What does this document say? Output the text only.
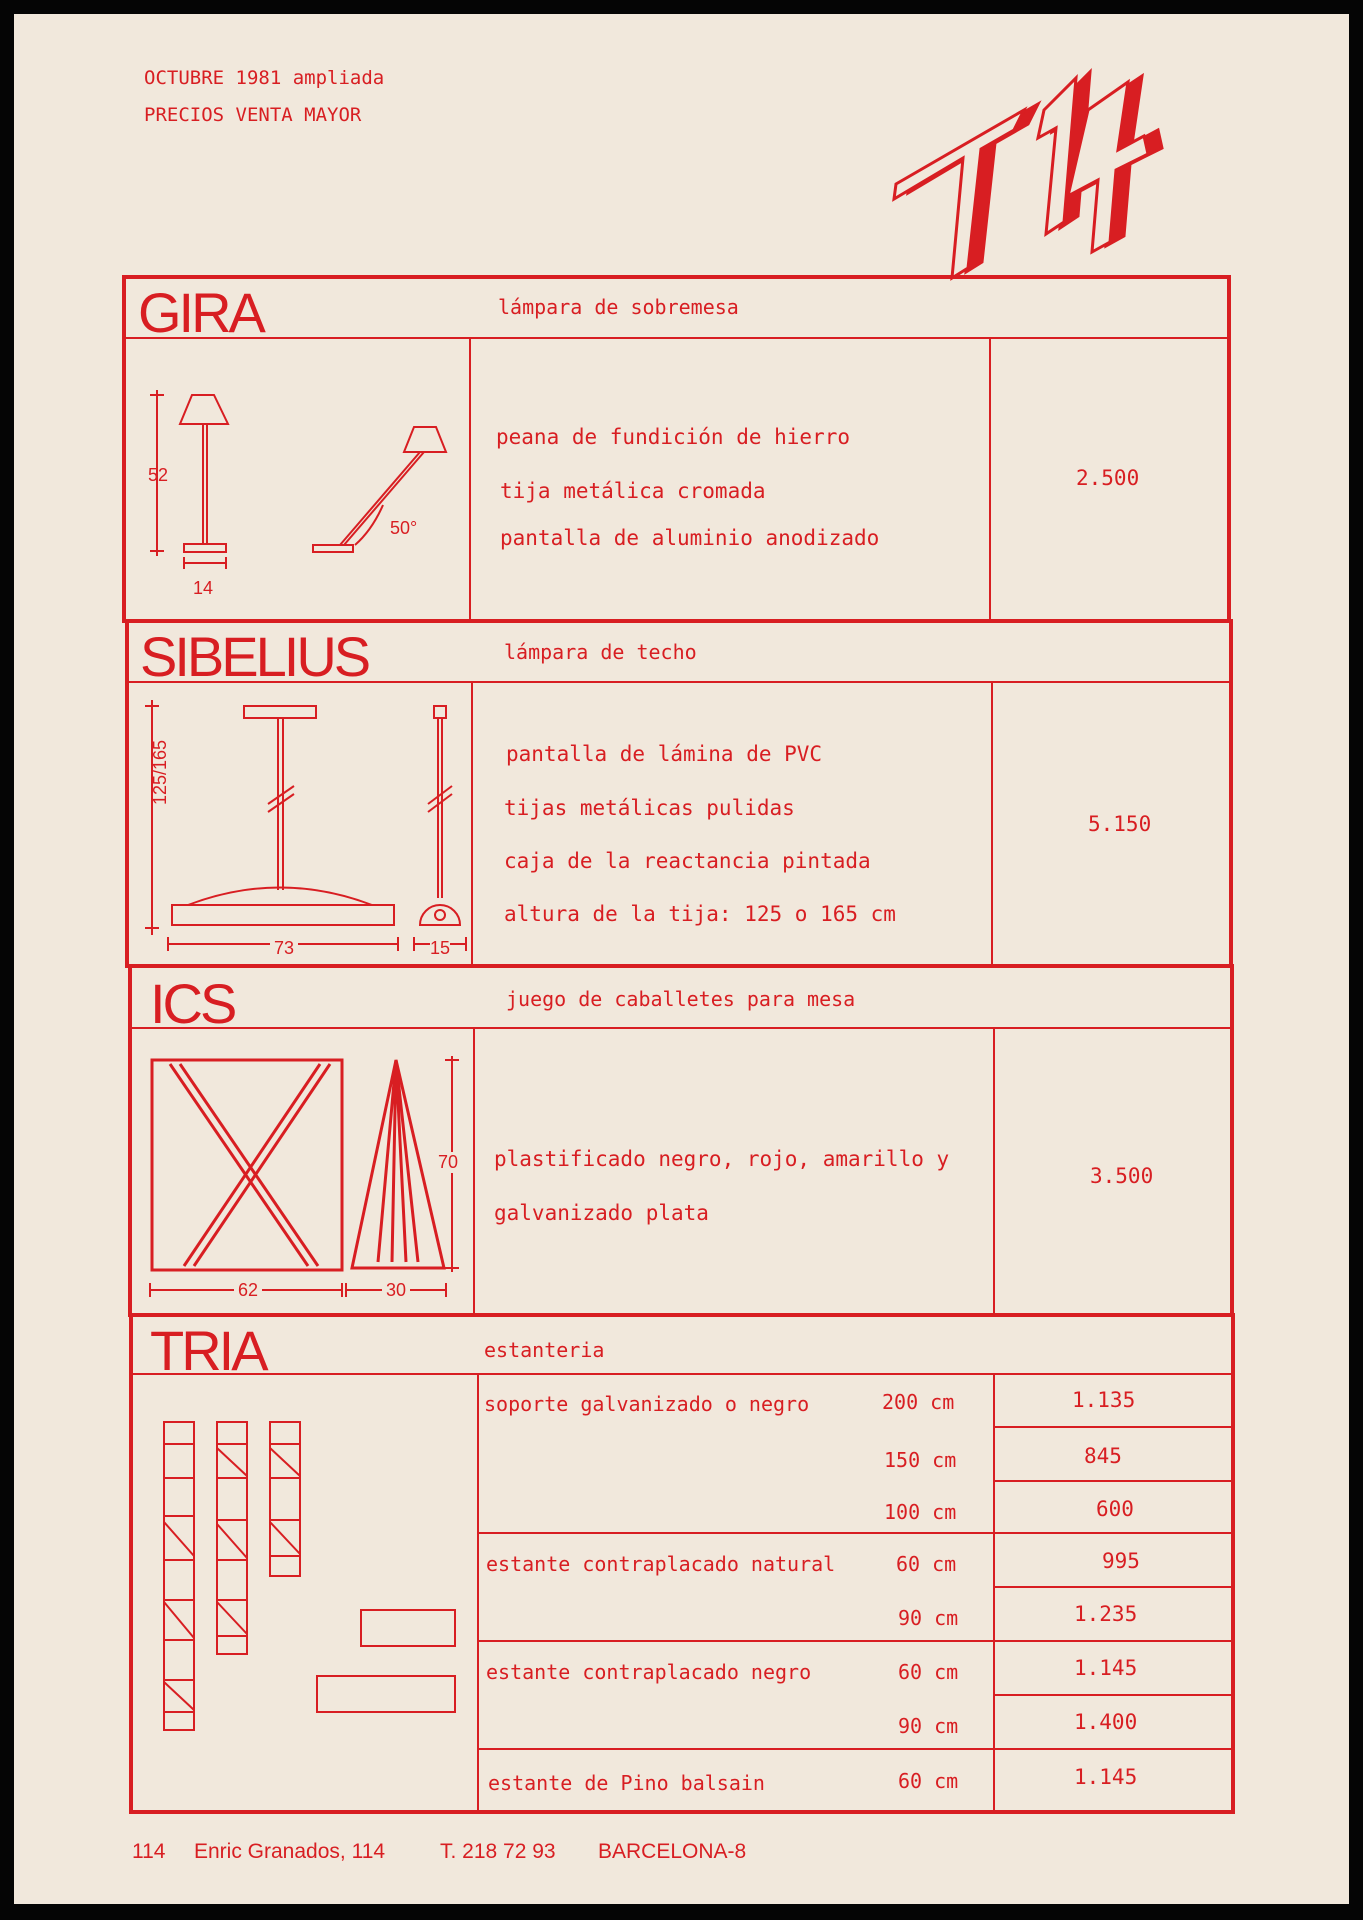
OCTUBRE 1981 ampliada
PRECIOS VENTA MAYOR
GIRA	lámpara de sobremesa
peana de fundición de hierro
tija metálica cromada
pantalla de aluminio anodizado
2.500
52
14
50°
SIBELIUS	lámpara de techo
pantalla de lámina de PVC
tijas metálicas pulidas
caja de la reactancia pintada
altura de la tija: 125 o 165 cm
5.150
125/165
73	15
ICS	juego de caballetes para mesa
plastificado negro, rojo, amarillo y
galvanizado plata
3.500
70
62	30
TRIA	estanteria
soporte galvanizado o negro	200 cm	1.135
150 cm	845
100 cm	600
estante contraplacado natural	60 cm	995
90 cm	1.235
estante contraplacado negro	60 cm	1.145
90 cm	1.400
estante de Pino balsain	60 cm	1.145
114 Enric Granados, 114	T. 218 72 93 BARCELONA-8
